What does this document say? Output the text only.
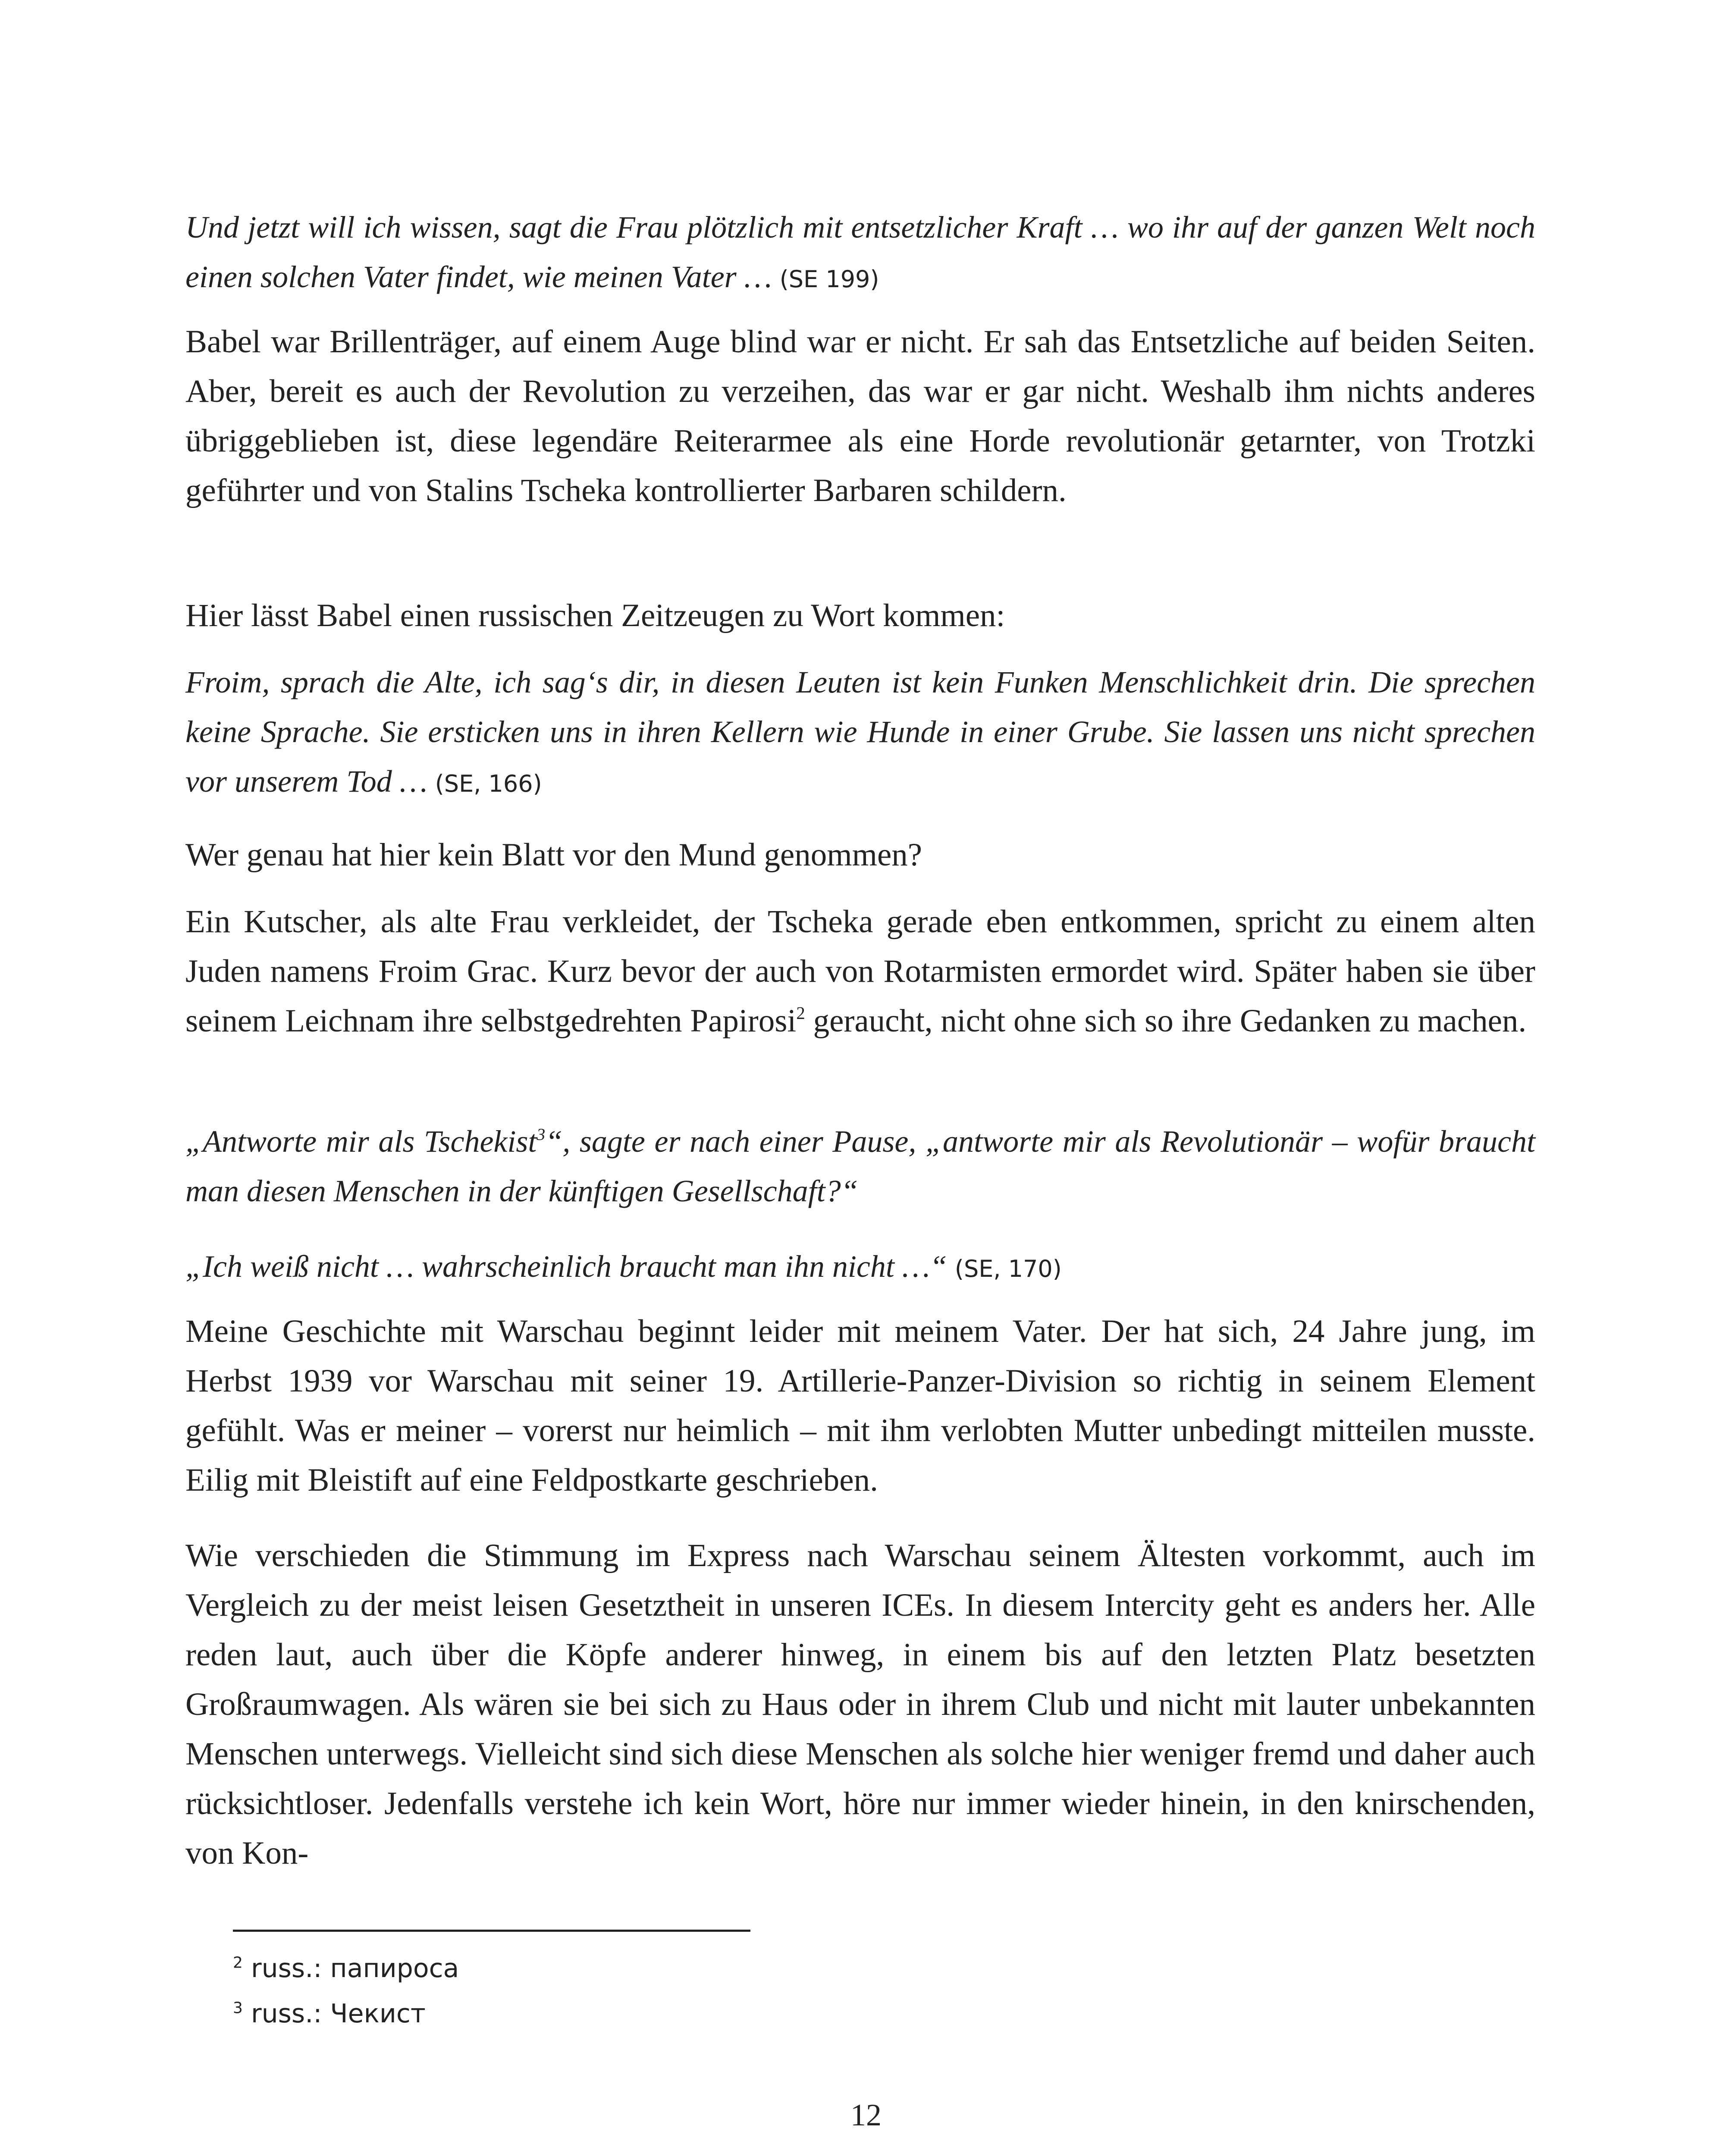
Und jetzt will ich wissen, sagt die Frau plötzlich mit entsetzlicher Kraft … wo ihr auf der ganzen Welt noch einen solchen Vater findet, wie meinen Vater … (SE 199)

Babel war Brillenträger, auf einem Auge blind war er nicht. Er sah das Entsetzliche auf beiden Seiten. Aber, bereit es auch der Revolution zu verzeihen, das war er gar nicht. Weshalb ihm nichts anderes übriggeblieben ist, diese legendäre Reiterarmee als eine Horde revolutionär getarnter, von Trotzki geführter und von Stalins Tscheka kontrollierter Barbaren schildern.

Hier lässt Babel einen russischen Zeitzeugen zu Wort kommen:

Froim, sprach die Alte, ich sag‘s dir, in diesen Leuten ist kein Funken Menschlichkeit drin. Die sprechen keine Sprache. Sie ersticken uns in ihren Kellern wie Hunde in einer Grube. Sie lassen uns nicht sprechen vor unserem Tod … (SE, 166)

Wer genau hat hier kein Blatt vor den Mund genommen?

Ein Kutscher, als alte Frau verkleidet, der Tscheka gerade eben entkommen, spricht zu einem alten Juden namens Froim Grac. Kurz bevor der auch von Rotarmisten ermordet wird. Später haben sie über seinem Leichnam ihre selbstgedrehten Papirosi$^2$ geraucht, nicht ohne sich so ihre Gedanken zu machen.

„Antworte mir als Tschekist$^3$“, sagte er nach einer Pause, „antworte mir als Revolutionär – wofür braucht man diesen Menschen in der künftigen Gesellschaft?“

„Ich weiß nicht … wahrscheinlich braucht man ihn nicht …“ (SE, 170)

Meine Geschichte mit Warschau beginnt leider mit meinem Vater. Der hat sich, 24 Jahre jung, im Herbst 1939 vor Warschau mit seiner 19. Artillerie-Panzer-Division so richtig in seinem Element gefühlt. Was er meiner – vorerst nur heimlich – mit ihm verlobten Mutter unbedingt mitteilen musste. Eilig mit Bleistift auf eine Feldpostkarte geschrieben.

Wie verschieden die Stimmung im Express nach Warschau seinem Ältesten vorkommt, auch im Vergleich zu der meist leisen Gesetztheit in unseren ICEs. In diesem Intercity geht es anders her. Alle reden laut, auch über die Köpfe anderer hinweg, in einem bis auf den letzten Platz besetzten Großraumwagen. Als wären sie bei sich zu Haus oder in ihrem Club und nicht mit lauter unbekannten Menschen unterwegs. Vielleicht sind sich diese Menschen als solche hier weniger fremd und daher auch rücksichtloser. Jedenfalls verstehe ich kein Wort, höre nur immer wieder hinein, in den knirschenden, von Kon-

$^2$ russ.: папироса
$^3$ russ.: Чекист
12
